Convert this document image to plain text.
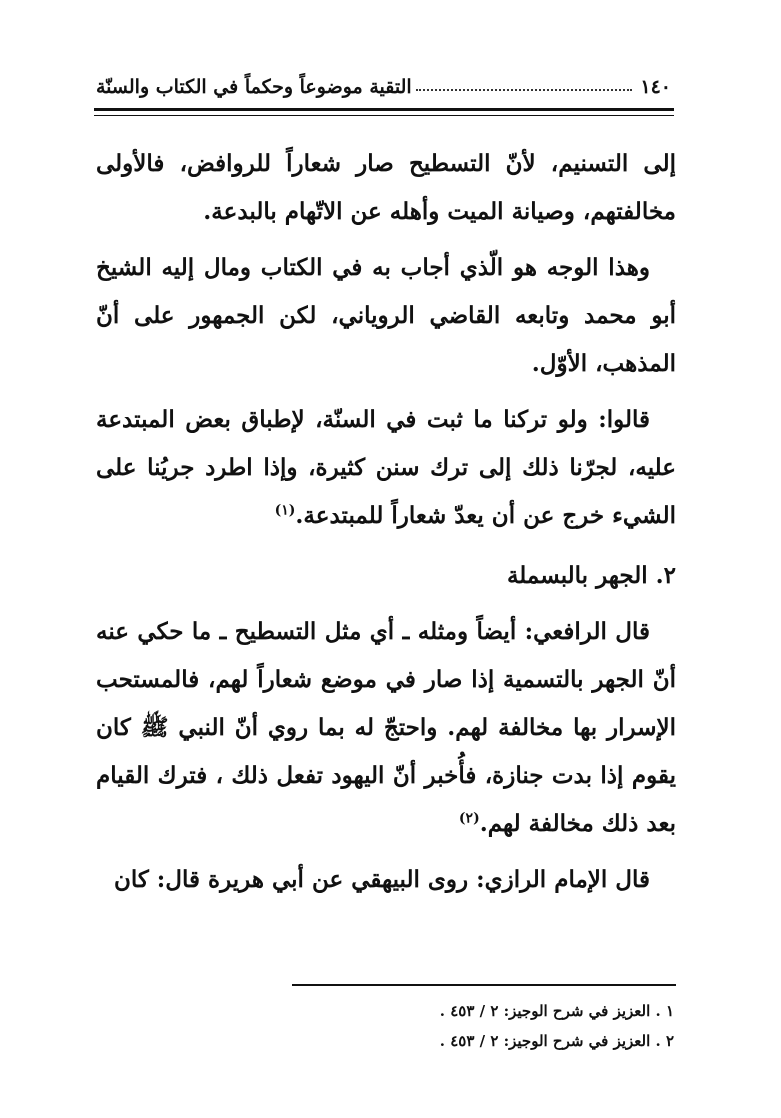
١٤٠
التقية موضوعاً وحكماً في الكتاب والسنّة

إلى التسنيم، لأنّ التسطيح صار شعاراً للروافض، فالأولى مخالفتهم، وصيانة الميت وأهله عن الاتّهام بالبدعة.

وهذا الوجه هو الّذي أجاب به في الكتاب ومال إليه الشيخ أبو محمد وتابعه القاضي الروياني، لكن الجمهور على أنّ المذهب، الأوّل.

قالوا: ولو تركنا ما ثبت في السنّة، لإطباق بعض المبتدعة عليه، لجرّنا ذلك إلى ترك سنن كثيرة، وإذا اطرد جريُنا على الشيء خرج عن أن يعدّ شعاراً للمبتدعة.$^{(١)}$

٢. الجهر بالبسملة

قال الرافعي: أيضاً ومثله ـ أي مثل التسطيح ـ ما حكي عنه أنّ الجهر بالتسمية إذا صار في موضع شعاراً لهم، فالمستحب الإسرار بها مخالفة لهم. واحتجّ له بما روي أنّ النبي ﷺ كان يقوم إذا بدت جنازة، فأُخبر أنّ اليهود تفعل ذلك ، فترك القيام بعد ذلك مخالفة لهم.$^{(٢)}$

قال الإمام الرازي: روى البيهقي عن أبي هريرة قال: كان

١ . العزيز في شرح الوجيز: ٢ / ٤٥٣ .
٢ . العزيز في شرح الوجيز: ٢ / ٤٥٣ .
